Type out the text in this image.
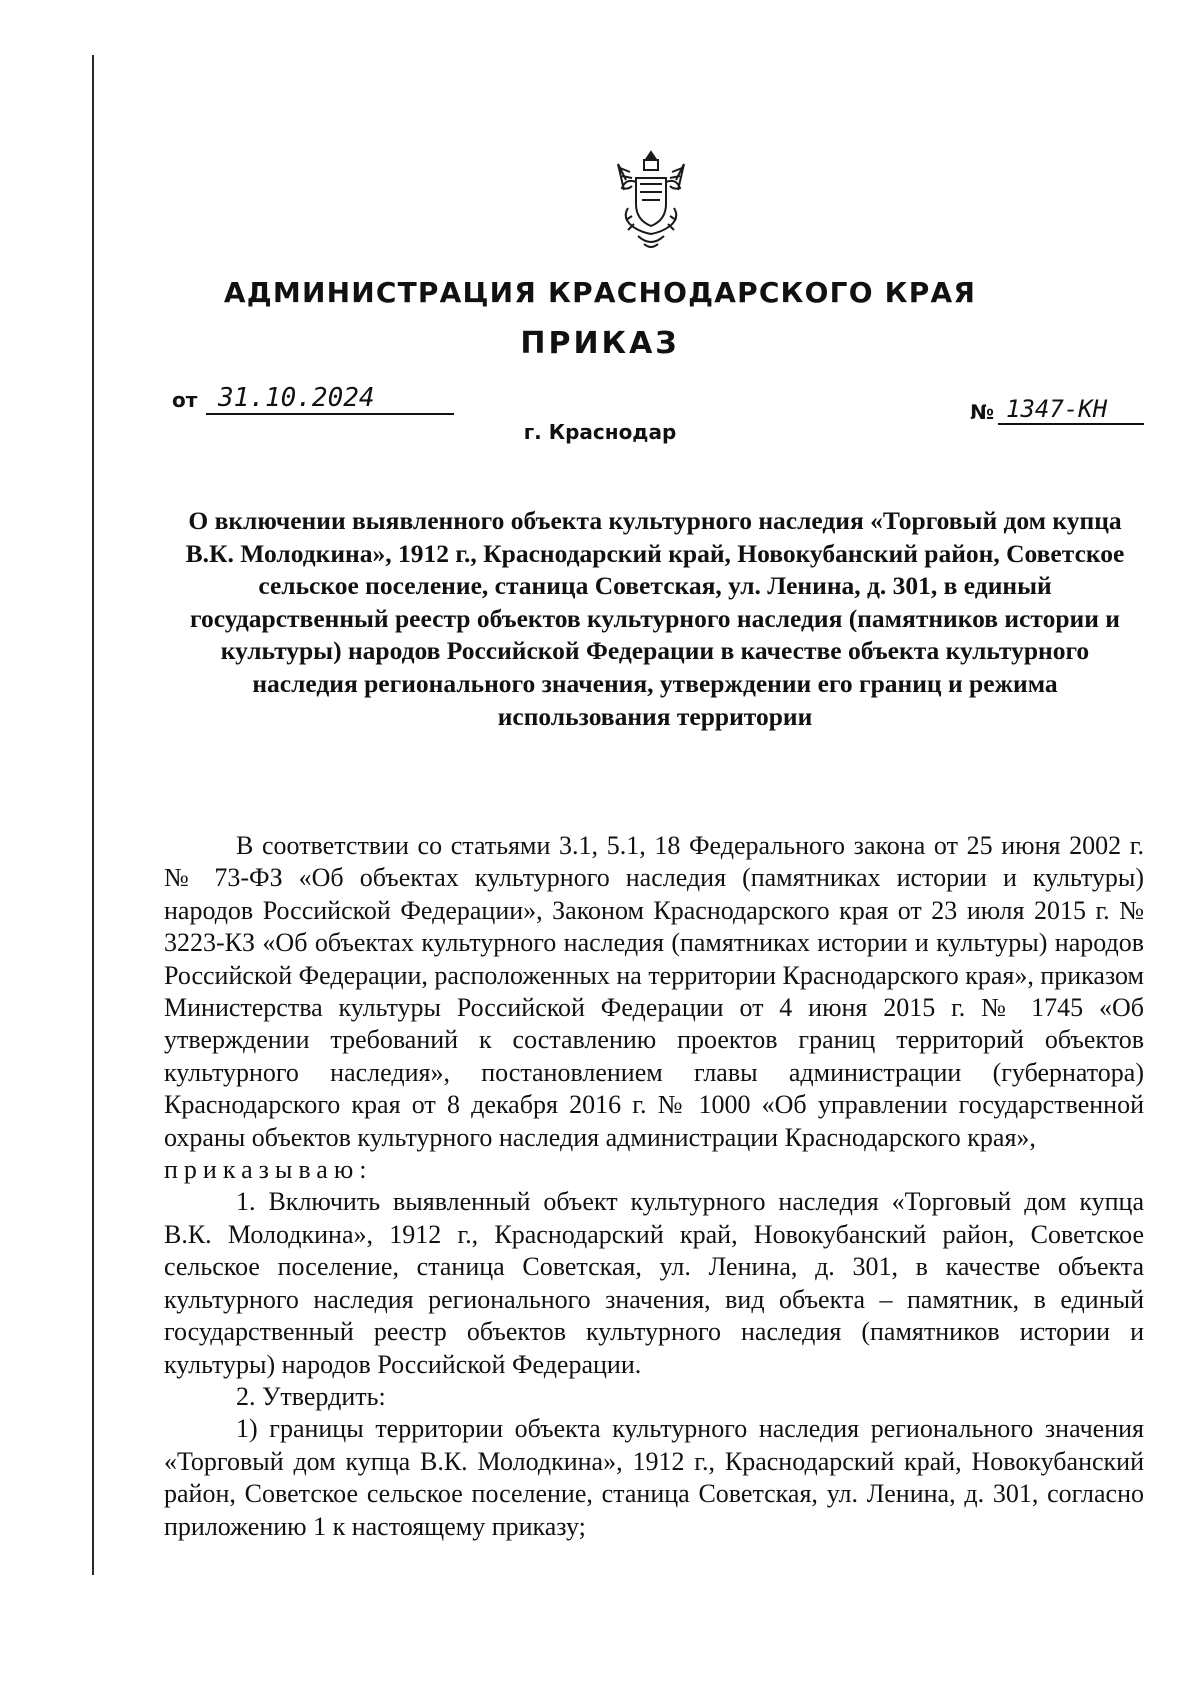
АДМИНИСТРАЦИЯ КРАСНОДАРСКОГО КРАЯ
ПРИКАЗ
от 31.10.2024	№ 1347-КН
г. Краснодар
О включении выявленного объекта культурного наследия «Торговый дом купца В.К. Молодкина», 1912 г., Краснодарский край, Новокубанский район, Советское сельское поселение, станица Советская, ул. Ленина, д. 301, в единый государственный реестр объектов культурного наследия (памятников истории и культуры) народов Российской Федерации в качестве объекта культурного наследия регионального значения, утверждении его границ и режима использования территории

В соответствии со статьями 3.1, 5.1, 18 Федерального закона от 25 июня 2002 г. № 73-ФЗ «Об объектах культурного наследия (памятниках истории и культуры) народов Российской Федерации», Законом Краснодарского края от 23 июля 2015 г. № 3223-КЗ «Об объектах культурного наследия (памятниках истории и культуры) народов Российской Федерации, расположенных на территории Краснодарского края», приказом Министерства культуры Российской Федерации от 4 июня 2015 г. № 1745 «Об утверждении требований к составлению проектов границ территорий объектов культурного наследия», постановлением главы администрации (губернатора) Краснодарского края от 8 декабря 2016 г. № 1000 «Об управлении государственной охраны объектов культурного наследия администрации Краснодарского края»,

приказываю:

1. Включить выявленный объект культурного наследия «Торговый дом купца В.К. Молодкина», 1912 г., Краснодарский край, Новокубанский район, Советское сельское поселение, станица Советская, ул. Ленина, д. 301, в качестве объекта культурного наследия регионального значения, вид объекта – памятник, в единый государственный реестр объектов культурного наследия (памятников истории и культуры) народов Российской Федерации.

2. Утвердить:

1) границы территории объекта культурного наследия регионального значения «Торговый дом купца В.К. Молодкина», 1912 г., Краснодарский край, Новокубанский район, Советское сельское поселение, станица Советская, ул. Ленина, д. 301, согласно приложению 1 к настоящему приказу;
